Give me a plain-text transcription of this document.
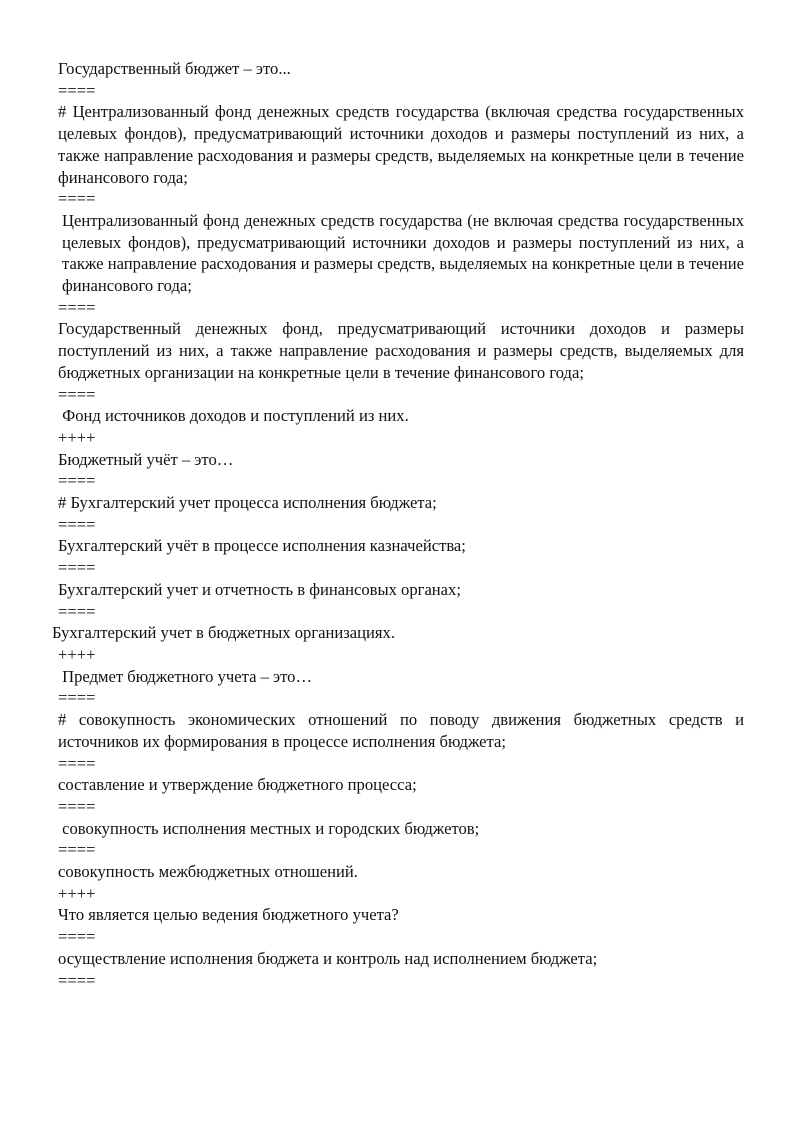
Государственный бюджет – это...

====

# Централизованный фонд денежных средств государства (включая средства государственных целевых фондов), предусматривающий источники доходов и размеры поступлений из них, а также направление расходования и размеры средств, выделяемых на конкретные цели в течение финансового года;

====

Централизованный фонд денежных средств государства (не включая средства государственных целевых фондов), предусматривающий источники доходов и размеры поступлений из них, а также направление расходования и размеры средств, выделяемых на конкретные цели в течение финансового года;

====

Государственный денежных фонд, предусматривающий источники доходов и размеры поступлений из них, а также направление расходования и размеры средств, выделяемых для бюджетных организации на конкретные цели в течение финансового года;

====

Фонд источников доходов и поступлений из них.

++++

Бюджетный учёт – это…

====

# Бухгалтерский учет процесса исполнения бюджета;

====

Бухгалтерский учёт в процессе исполнения казначейства;

====

Бухгалтерский учет и отчетность в финансовых органах;

====

Бухгалтерский учет в бюджетных организациях.

++++

Предмет бюджетного учета – это…

====

# совокупность экономических отношений по поводу движения бюджетных средств и источников их формирования в процессе исполнения бюджета;

====

составление и утверждение бюджетного процесса;

====

совокупность исполнения местных и городских бюджетов;

====

совокупность межбюджетных отношений.

++++

Что является целью ведения бюджетного учета?

====

осуществление исполнения бюджета и контроль над исполнением бюджета;

====
